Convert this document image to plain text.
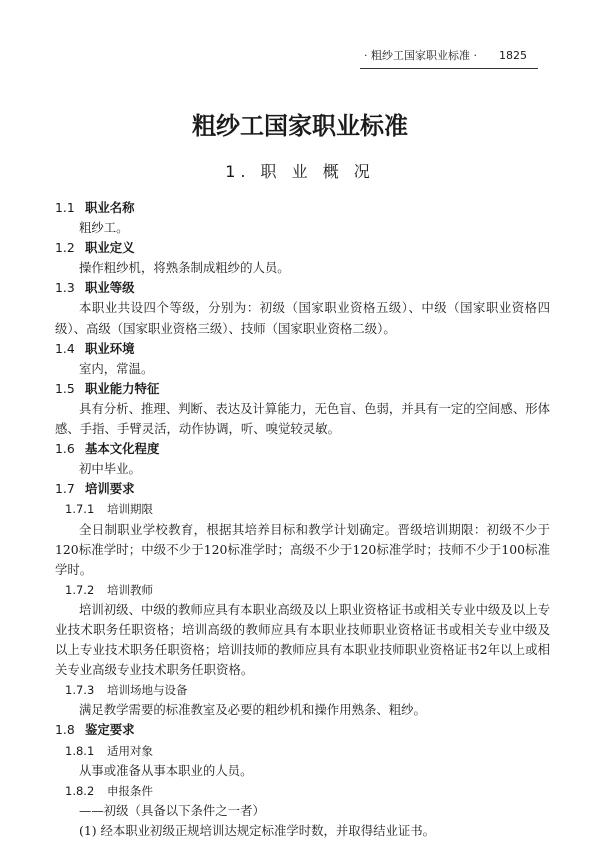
· 粗纱工国家职业标准 · 1825
粗纱工国家职业标准
1. 职 业 概 况
1.1 职业名称
粗纱工。
1.2 职业定义
操作粗纱机，将熟条制成粗纱的人员。
1.3 职业等级
本职业共设四个等级，分别为：初级（国家职业资格五级）、中级（国家职业资格四级）、高级（国家职业资格三级）、技师（国家职业资格二级）。
1.4 职业环境
室内，常温。
1.5 职业能力特征
具有分析、推理、判断、表达及计算能力，无色盲、色弱，并具有一定的空间感、形体感、手指、手臂灵活，动作协调，听、嗅觉较灵敏。
1.6 基本文化程度
初中毕业。
1.7 培训要求
1.7.1 培训期限
全日制职业学校教育，根据其培养目标和教学计划确定。晋级培训期限：初级不少于120标准学时；中级不少于120标准学时；高级不少于120标准学时；技师不少于100标准学时。
1.7.2 培训教师
培训初级、中级的教师应具有本职业高级及以上职业资格证书或相关专业中级及以上专业技术职务任职资格；培训高级的教师应具有本职业技师职业资格证书或相关专业中级及以上专业技术职务任职资格；培训技师的教师应具有本职业技师职业资格证书2年以上或相关专业高级专业技术职务任职资格。
1.7.3 培训场地与设备
满足教学需要的标准教室及必要的粗纱机和操作用熟条、粗纱。
1.8 鉴定要求
1.8.1 适用对象
从事或准备从事本职业的人员。
1.8.2 申报条件
——初级（具备以下条件之一者）
(1) 经本职业初级正规培训达规定标准学时数，并取得结业证书。
